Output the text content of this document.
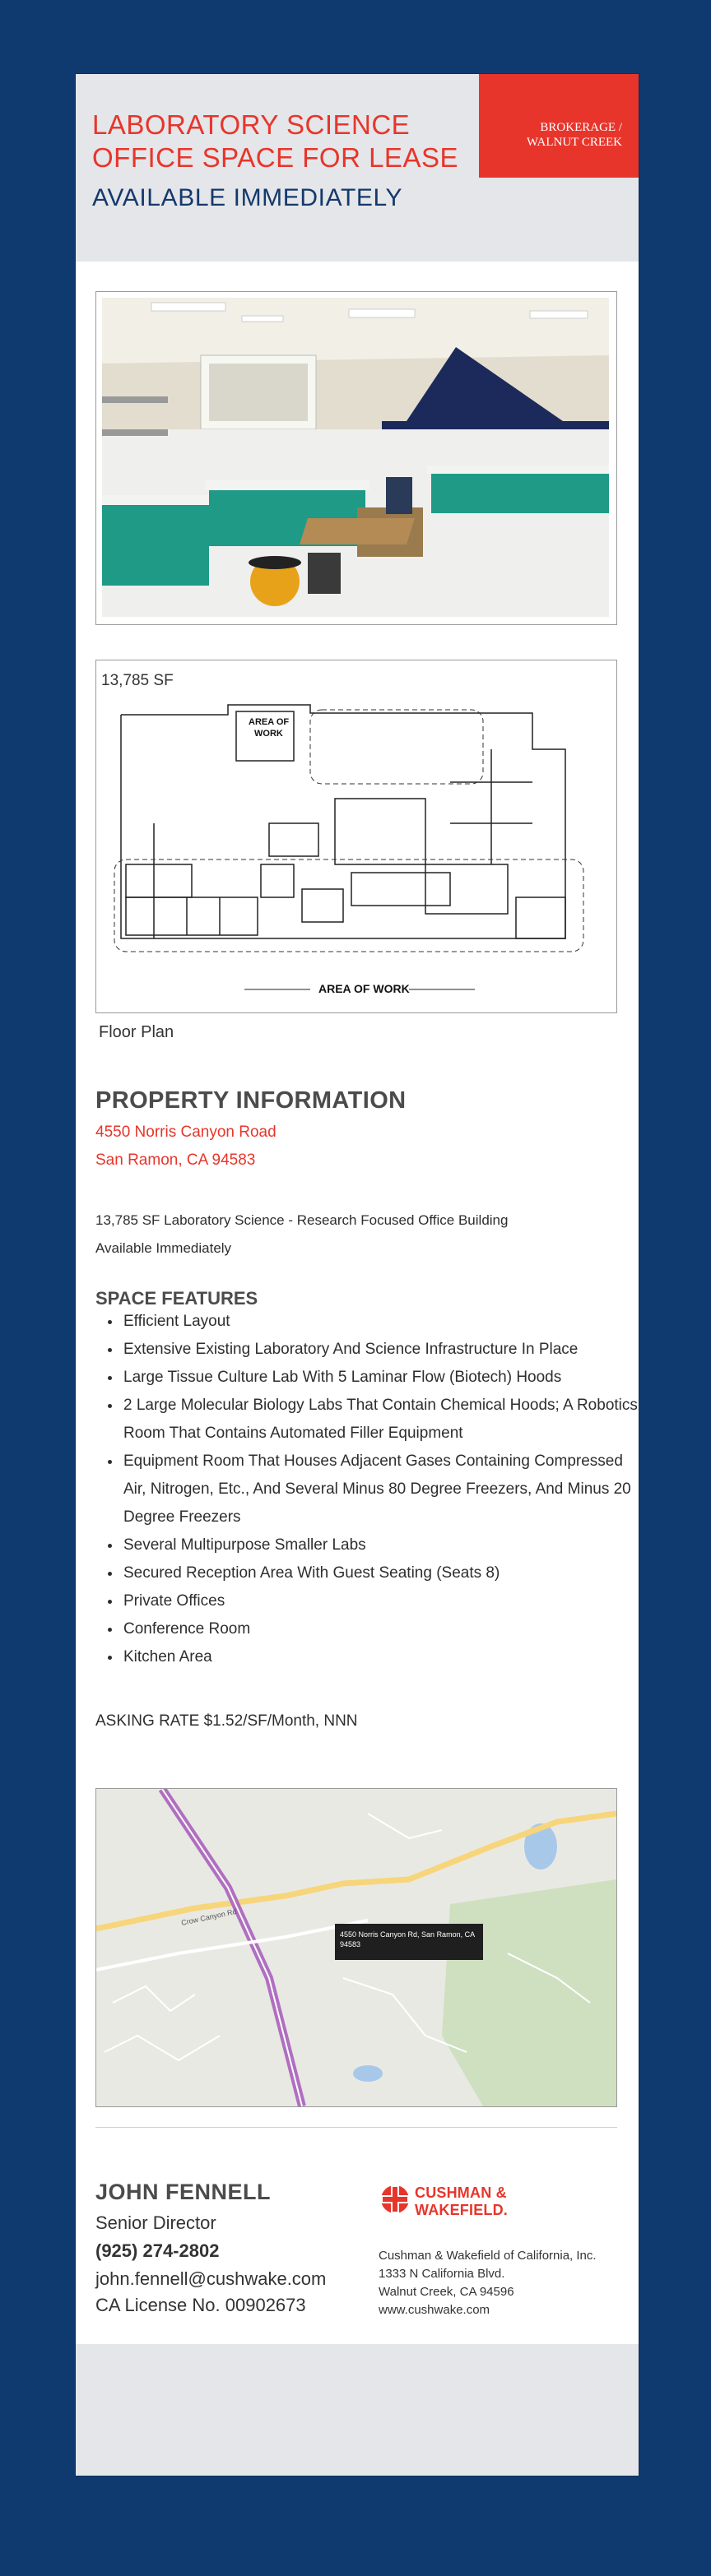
LABORATORY SCIENCE OFFICE SPACE FOR LEASE
AVAILABLE IMMEDIATELY
BROKERAGE /
WALNUT CREEK
13,785 SF
AREA OF WORK
AREA OF
WORK
Floor Plan
PROPERTY INFORMATION
4550 Norris Canyon Road
San Ramon, CA 94583
13,785 SF Laboratory Science - Research Focused Office Building
Available Immediately
SPACE FEATURES
• Efficient Layout
• Extensive Existing Laboratory And Science Infrastructure In Place
• Large Tissue Culture Lab With 5 Laminar Flow (Biotech) Hoods
• 2 Large Molecular Biology Labs That Contain Chemical Hoods; A Robotics Room That Contains Automated Filler Equipment
• Equipment Room That Houses Adjacent Gases Containing Compressed Air, Nitrogen, Etc., And Several Minus 80 Degree Freezers, And Minus 20 Degree Freezers
• Several Multipurpose Smaller Labs
• Secured Reception Area With Guest Seating (Seats 8)
• Private Offices
• Conference Room
• Kitchen Area
ASKING RATE $1.52/SF/Month, NNN
4550 Norris Canyon Rd, San Ramon, CA
94583
Crow Canyon Rd
JOHN FENNELL
Senior Director
(925) 274-2802
john.fennell@cushwake.com
CA License No. 00902673
CUSHMAN &
WAKEFIELD.
Cushman & Wakefield of California, Inc.
1333 N California Blvd.
Walnut Creek, CA 94596
www.cushwake.com
